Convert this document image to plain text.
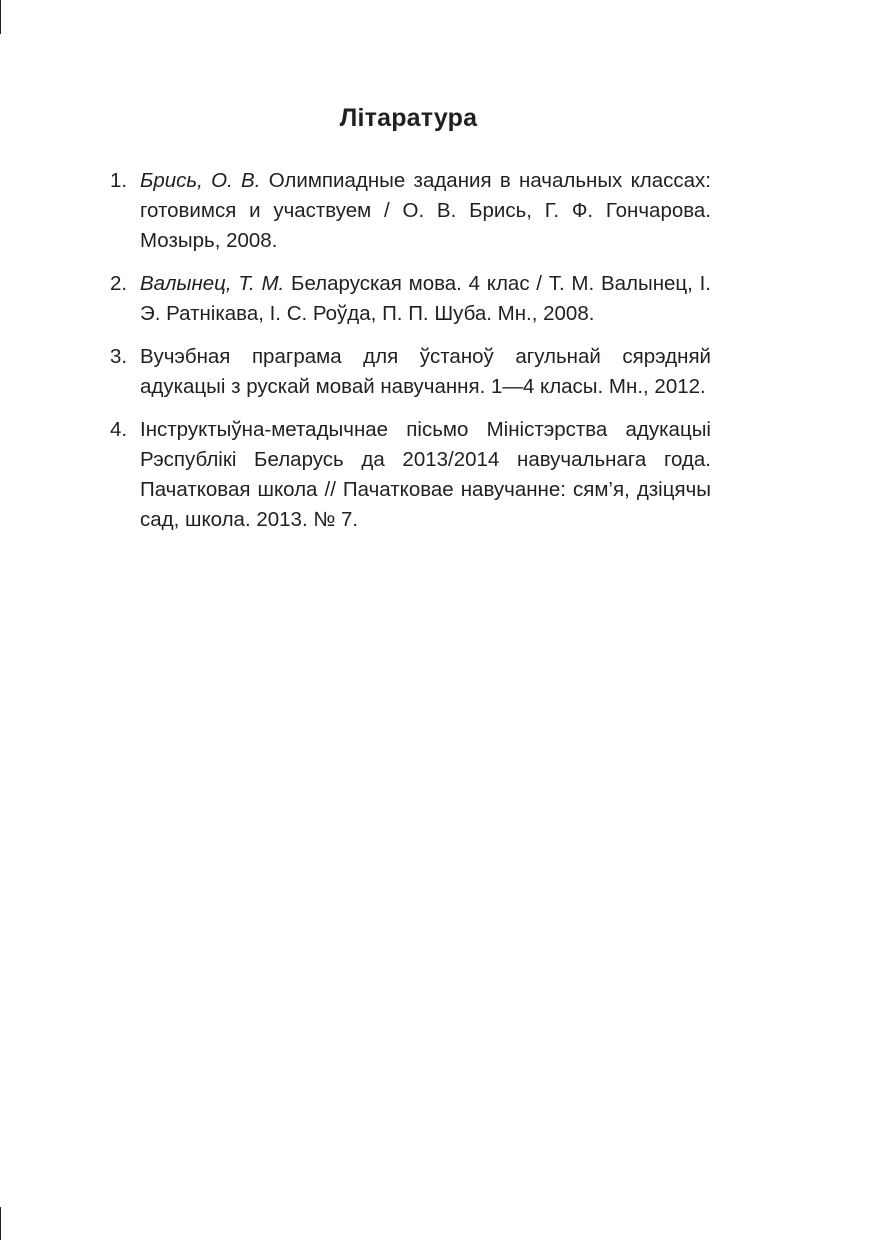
Літаратура
1. Брись, О. В. Олимпиадные задания в начальных классах: готовимся и участвуем / О. В. Брись, Г. Ф. Гончарова. Мозырь, 2008.
2. Валынец, Т. М. Беларуская мова. 4 клас / Т. М. Валынец, І. Э. Ратнікава, І. С. Роўда, П. П. Шуба. Мн., 2008.
3. Вучэбная праграма для ўстаноў агульнай сярэдняй адукацыі з рускай мовай навучання. 1—4 класы. Мн., 2012.
4. Інструктыўна-метадычнае пісьмо Міністэрства адукацыі Рэспублікі Беларусь да 2013/2014 навучальнага года. Пачатковая школа // Пачатковае навучанне: сям’я, дзіцячы сад, школа. 2013. № 7.
